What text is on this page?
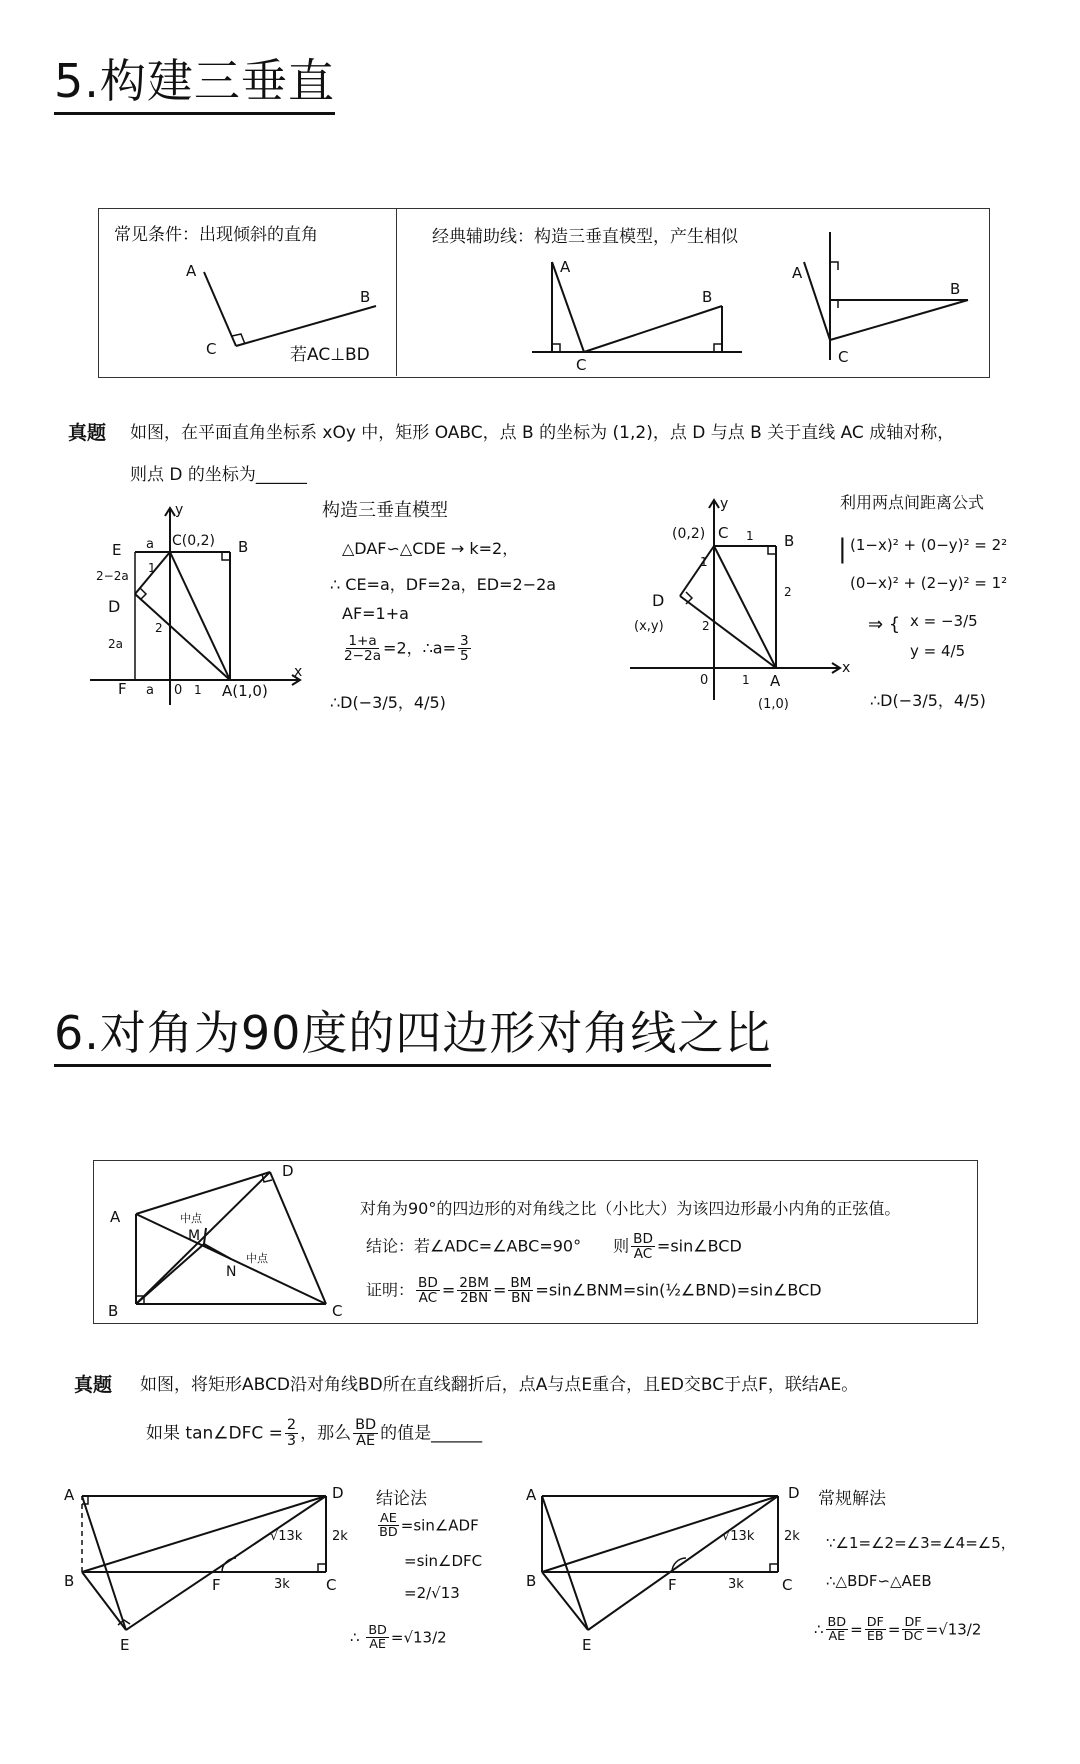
5.构建三垂直
常见条件：出现倾斜的直角
若AC⊥BD
经典辅助线：构造三垂直模型，产生相似
A
B
C
A
B
C
A
B
C
真题 如图，在平面直角坐标系 xOy 中，矩形 OABC，点 B 的坐标为 (1,2)，点 D 与点 B 关于直线 AC 成轴对称，
则点 D 的坐标为______
E a C(0,2) B
2−2a
D
2a
2
1
F a 0 1 A(1,0)
x
y	构造三垂直模型
△DAF∽△CDE → k=2，
∴ CE=a，DF=2a，ED=2−2a
AF=1+a
$\frac{1+a}{2-2a} =2$，∴a= $\frac{3}{5}$
∴D(−3/5，4/5)
(0,2) C 1 B
2
1
D
(x,y)	2
0	1 A
(1,0)
x
y	利用两点间距离公式
| (1−x)² + (0−y)² = 2²
(0−x)² + (2−y)² = 1²
⇒ { x = −3/5
y = 4/5
∴D(−3/5，4/5)
6.对角为90度的四边形对角线之比
A
D
B	C
M
N
中点
中点
对角为90°的四边形的对角线之比（小比大）为该四边形最小内角的正弦值。
结论：若∠ADC=∠ABC=90°　　则 $\frac{BD}{AC}$ =sin∠BCD
证明： $\frac{BD}{AC} = \frac{2BM}{2BN} = \frac{BM}{BN}$ =sin∠BNM=sin(½∠BND)=sin∠BCD
真题 如图，将矩形ABCD沿对角线BD所在直线翻折后，点A与点E重合，且ED交BC于点F，联结AE。
如果 tan∠DFC = $\frac{2}{3}$ ，那么 $\frac{BD}{AE}$ 的值是______
A	D
B	C
F
E
2k
3k
√13k
结论法
$\frac{AE}{BD}$ =sin∠ADF
=sin∠DFC
=2/√13
∴ $\frac{BD}{AE} =√13/2$
A	D
B	C
F
E
2k
3k
√13k
常规解法
∵∠1=∠2=∠3=∠4=∠5，
∴△BDF∽△AEB
∴ $\frac{BD}{AE} = \frac{DF}{EB} = \frac{DF}{DC} =√13/2$
